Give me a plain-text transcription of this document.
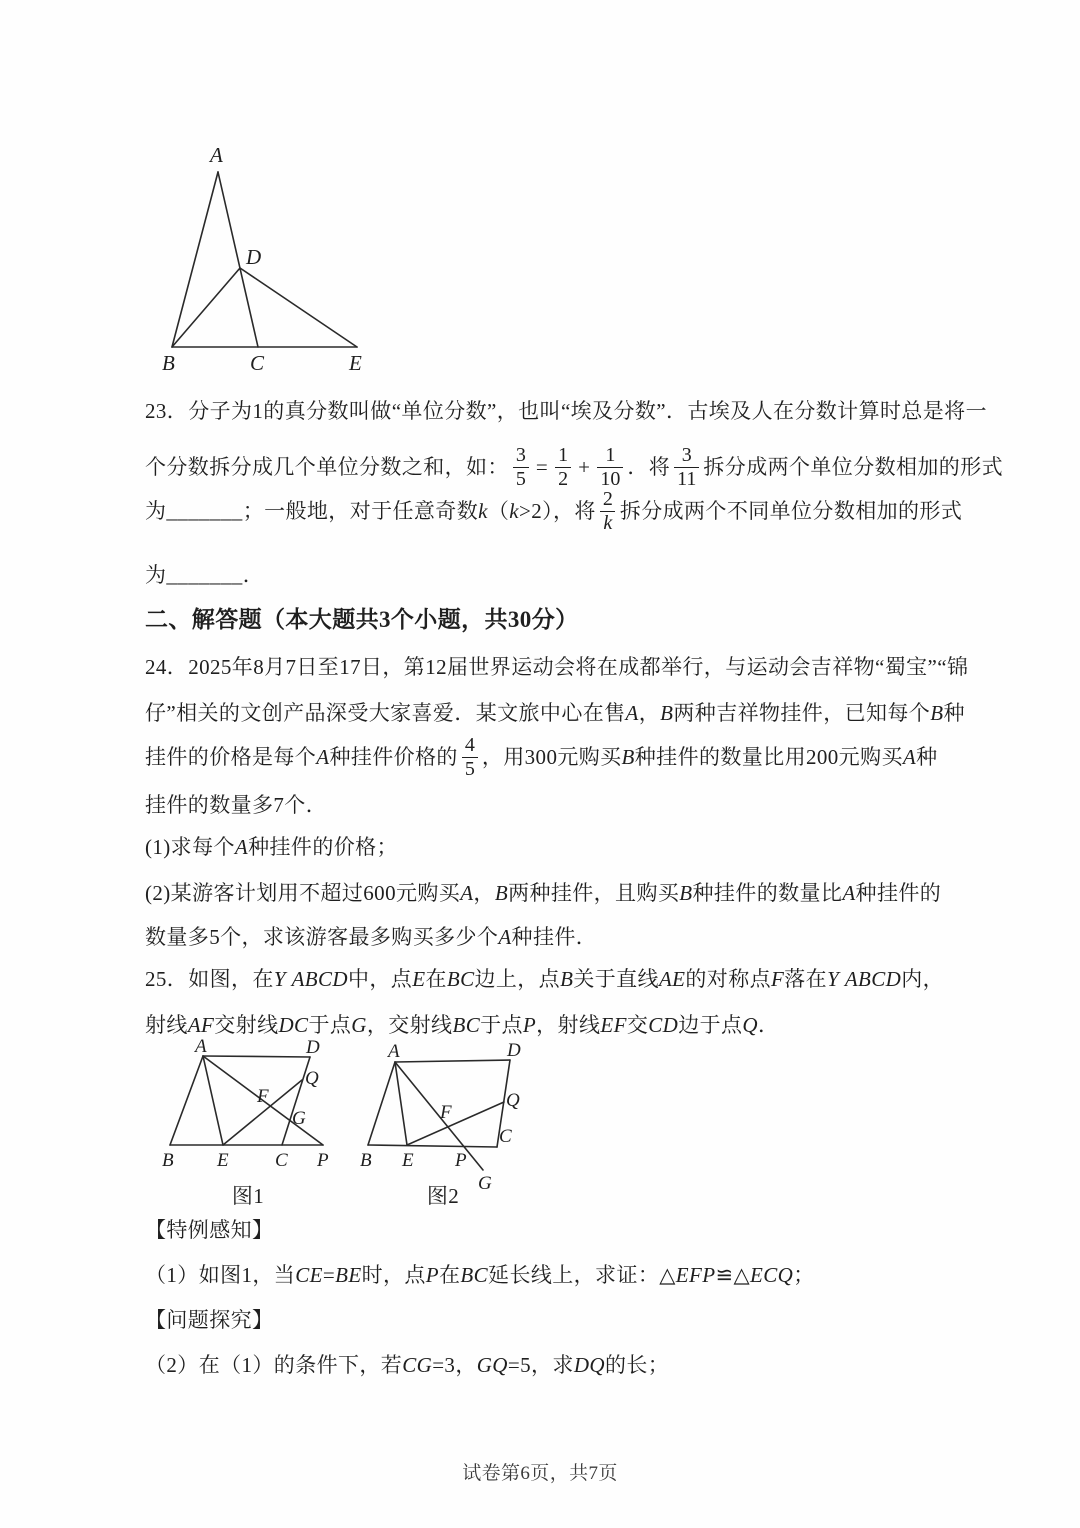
A
B	C
D
E
23．分子为1的真分数叫做“单位分数”，也叫“埃及分数”．古埃及人在分数计算时总是将一
个分数拆分成几个单位分数之和，如： $\frac{3}{5} = \frac{1}{2} + \frac{1}{10}$ ．将 $\frac{3}{11}$ 拆分成两个单位分数相加的形式
为_______；一般地，对于任意奇数k（k>2），将 $\frac{2}{k}$ 拆分成两个不同单位分数相加的形式
为_______．
二、解答题（本大题共3个小题，共30分）
24．2025年8月7日至17日，第12届世界运动会将在成都举行，与运动会吉祥物“蜀宝”“锦
仔”相关的文创产品深受大家喜爱．某文旅中心在售A，B两种吉祥物挂件，已知每个B种
挂件的价格是每个A种挂件价格的 $\frac{4}{5}$ ，用300元购买B种挂件的数量比用200元购买A种
挂件的数量多7个．
(1)求每个A种挂件的价格；
(2)某游客计划用不超过600元购买A，B两种挂件，且购买B种挂件的数量比A种挂件的
数量多5个，求该游客最多购买多少个A种挂件．
25．如图，在Y ABCD中，点E在BC边上，点B关于直线AE的对称点F落在Y ABCD内，
射线AF交射线DC于点G，交射线BC于点P，射线EF交CD边于点Q．
A	D
B E C P
F
Q
G
图1
A	D
B E P
C
G
Q
F
图2
【特例感知】
（1）如图1，当CE=BE时，点P在BC延长线上，求证：△EFP≌△ECQ；
【问题探究】
（2）在（1）的条件下，若CG=3，GQ=5，求DQ的长；
试卷第6页，共7页
